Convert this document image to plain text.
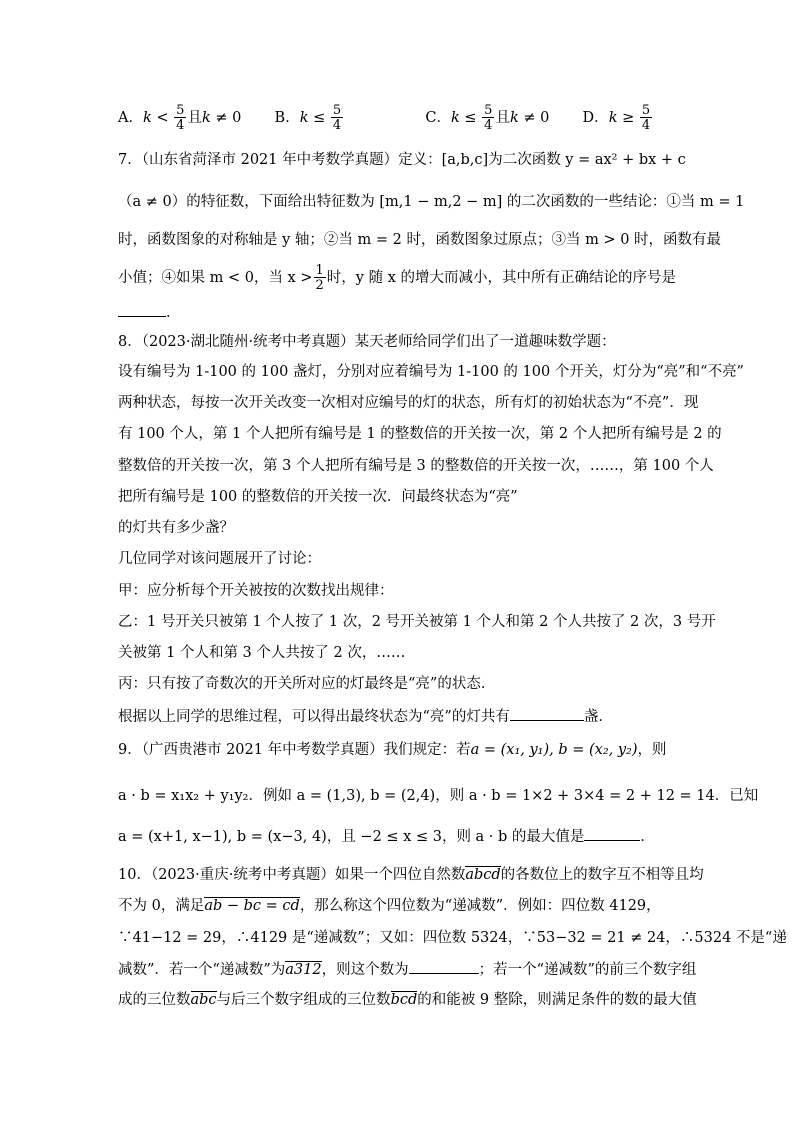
A．$k < \frac{5}{4}$ 且k ≠ 0 B．$k \le \frac{5}{4}$	C．$k \le \frac{5}{4}$ 且k ≠ 0 D．$k \ge \frac{5}{4}$
7．（山东省菏泽市 2021 年中考数学真题）定义：[a,b,c]为二次函数 y = ax² + bx + c
（a ≠ 0）的特征数，下面给出特征数为 [m,1 − m,2 − m] 的二次函数的一些结论：①当 m = 1
时，函数图象的对称轴是 y 轴；②当 m = 2 时，函数图象过原点；③当 m > 0 时，函数有最
小值；④如果 m < 0，当 $x > \frac{1}{2}$ 时，y 随 x 的增大而减小，其中所有正确结论的序号是
．
8．（2023·湖北随州·统考中考真题）某天老师给同学们出了一道趣味数学题：
设有编号为 1-100 的 100 盏灯，分别对应着编号为 1-100 的 100 个开关，灯分为“亮”和“不亮”
两种状态，每按一次开关改变一次相对应编号的灯的状态，所有灯的初始状态为“不亮”．现
有 100 个人，第 1 个人把所有编号是 1 的整数倍的开关按一次，第 2 个人把所有编号是 2 的
整数倍的开关按一次，第 3 个人把所有编号是 3 的整数倍的开关按一次，……，第 100 个人
把所有编号是 100 的整数倍的开关按一次．问最终状态为“亮”
的灯共有多少盏？
几位同学对该问题展开了讨论：
甲：应分析每个开关被按的次数找出规律：
乙：1 号开关只被第 1 个人按了 1 次，2 号开关被第 1 个人和第 2 个人共按了 2 次，3 号开
关被第 1 个人和第 3 个人共按了 2 次，……
丙：只有按了奇数次的开关所对应的灯最终是“亮”的状态．
根据以上同学的思维过程，可以得出最终状态为“亮”的灯共有	盏．
9．（广西贵港市 2021 年中考数学真题）我们规定：若a = (x₁, y₁), b = (x₂, y₂)，则
a · b = x₁x₂ + y₁y₂．例如 a = (1,3), b = (2,4)，则 a · b = 1×2 + 3×4 = 2 + 12 = 14．已知
a = (x+1, x−1), b = (x−3, 4)，且 −2 ≤ x ≤ 3，则 a · b 的最大值是	．
10．（2023·重庆·统考中考真题）如果一个四位自然数abcd的各数位上的数字互不相等且均
不为 0，满足ab − bc = cd，那么称这个四位数为“递减数”．例如：四位数 4129，
∵41−12 = 29，∴4129 是“递减数”；又如：四位数 5324，∵53−32 = 21 ≠ 24，∴5324 不是“递
减数”．若一个“递减数”为a312，则这个数为	；若一个“递减数”的前三个数字组
成的三位数abc与后三个数字组成的三位数bcd的和能被 9 整除，则满足条件的数的最大值
